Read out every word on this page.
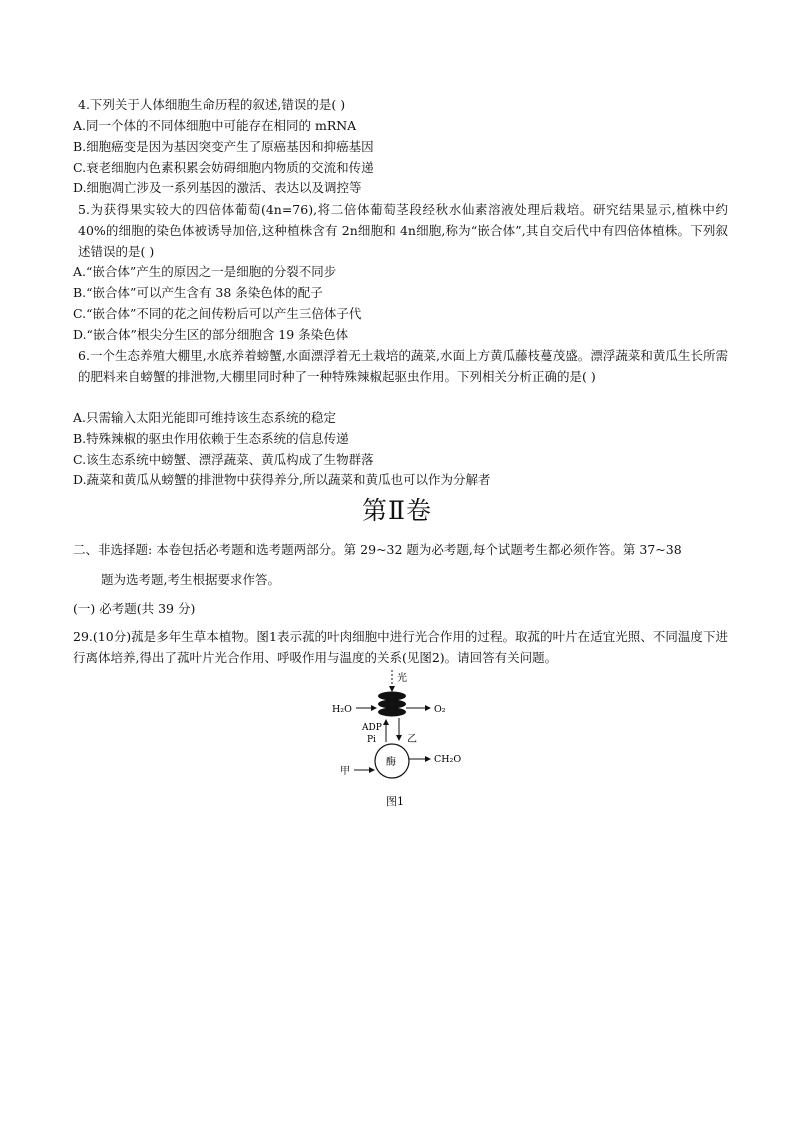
4.下列关于人体细胞生命历程的叙述,错误的是( )
A.同一个体的不同体细胞中可能存在相同的 mRNA
B.细胞癌变是因为基因突变产生了原癌基因和抑癌基因
C.衰老细胞内色素积累会妨碍细胞内物质的交流和传递
D.细胞凋亡涉及一系列基因的激活、表达以及调控等
5.为获得果实较大的四倍体葡萄(4n=76),将二倍体葡萄茎段经秋水仙素溶液处理后栽培。研究结果显示,植株中约 40%的细胞的染色体被诱导加倍,这种植株含有 2n细胞和 4n细胞,称为“嵌合体”,其自交后代中有四倍体植株。下列叙述错误的是( )
A.“嵌合体”产生的原因之一是细胞的分裂不同步
B.“嵌合体”可以产生含有 38 条染色体的配子
C.“嵌合体”不同的花之间传粉后可以产生三倍体子代
D.“嵌合体”根尖分生区的部分细胞含 19 条染色体
6.一个生态养殖大棚里,水底养着螃蟹,水面漂浮着无土栽培的蔬菜,水面上方黄瓜藤枝蔓茂盛。漂浮蔬菜和黄瓜生长所需的肥料来自螃蟹的排泄物,大棚里同时种了一种特殊辣椒起驱虫作用。下列相关分析正确的是( )
A.只需输入太阳光能即可维持该生态系统的稳定
B.特殊辣椒的驱虫作用依赖于生态系统的信息传递
C.该生态系统中螃蟹、漂浮蔬菜、黄瓜构成了生物群落
D.蔬菜和黄瓜从螃蟹的排泄物中获得养分,所以蔬菜和黄瓜也可以作为分解者
第Ⅱ卷
二、非选择题: 本卷包括必考题和选考题两部分。第 29~32 题为必考题,每个试题考生都必须作答。第 37~38
题为选考题,考生根据要求作答。
(一) 必考题(共 39 分)
29.(10分)菰是多年生草本植物。图1表示菰的叶肉细胞中进行光合作用的过程。取菰的叶片在适宜光照、不同温度下进行离体培养,得出了菰叶片光合作用、呼吸作用与温度的关系(见图2)。请回答有关问题。
光
H₂O	O₂
ADP
Pi	乙
酶	CH₂O
甲
图1
